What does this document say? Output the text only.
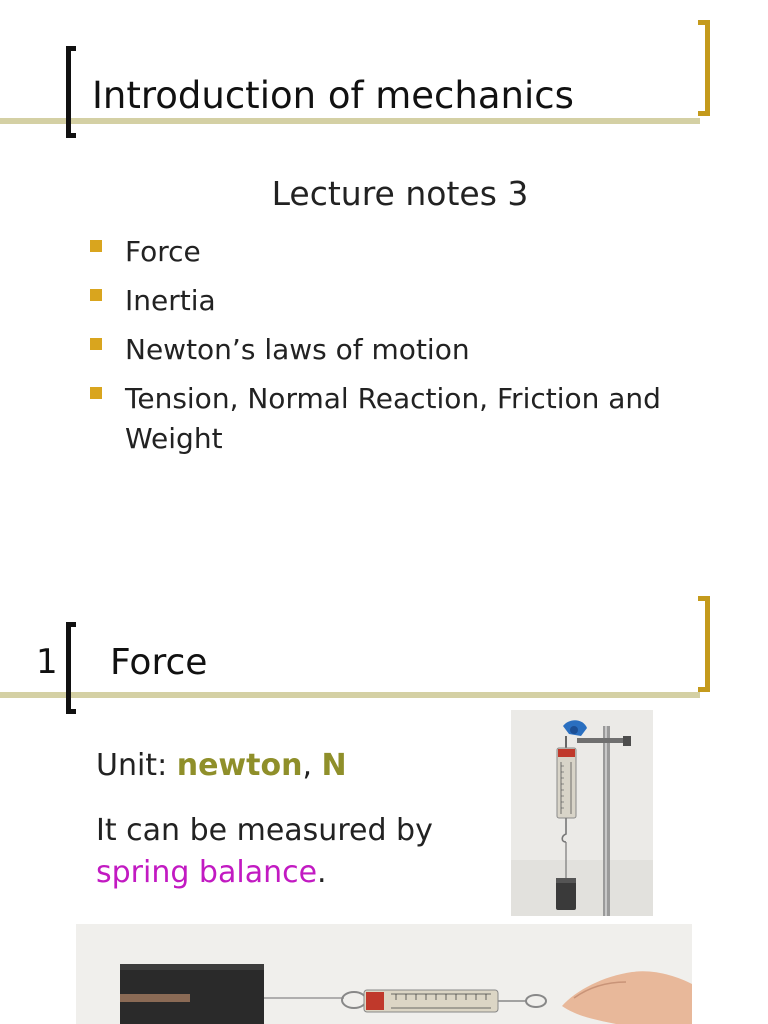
Introduction of mechanics
Lecture notes 3
Force
Inertia
Newton’s laws of motion
Tension, Normal Reaction, Friction and Weight
1 Force
Unit: newton, N
It can be measured by
spring balance.
